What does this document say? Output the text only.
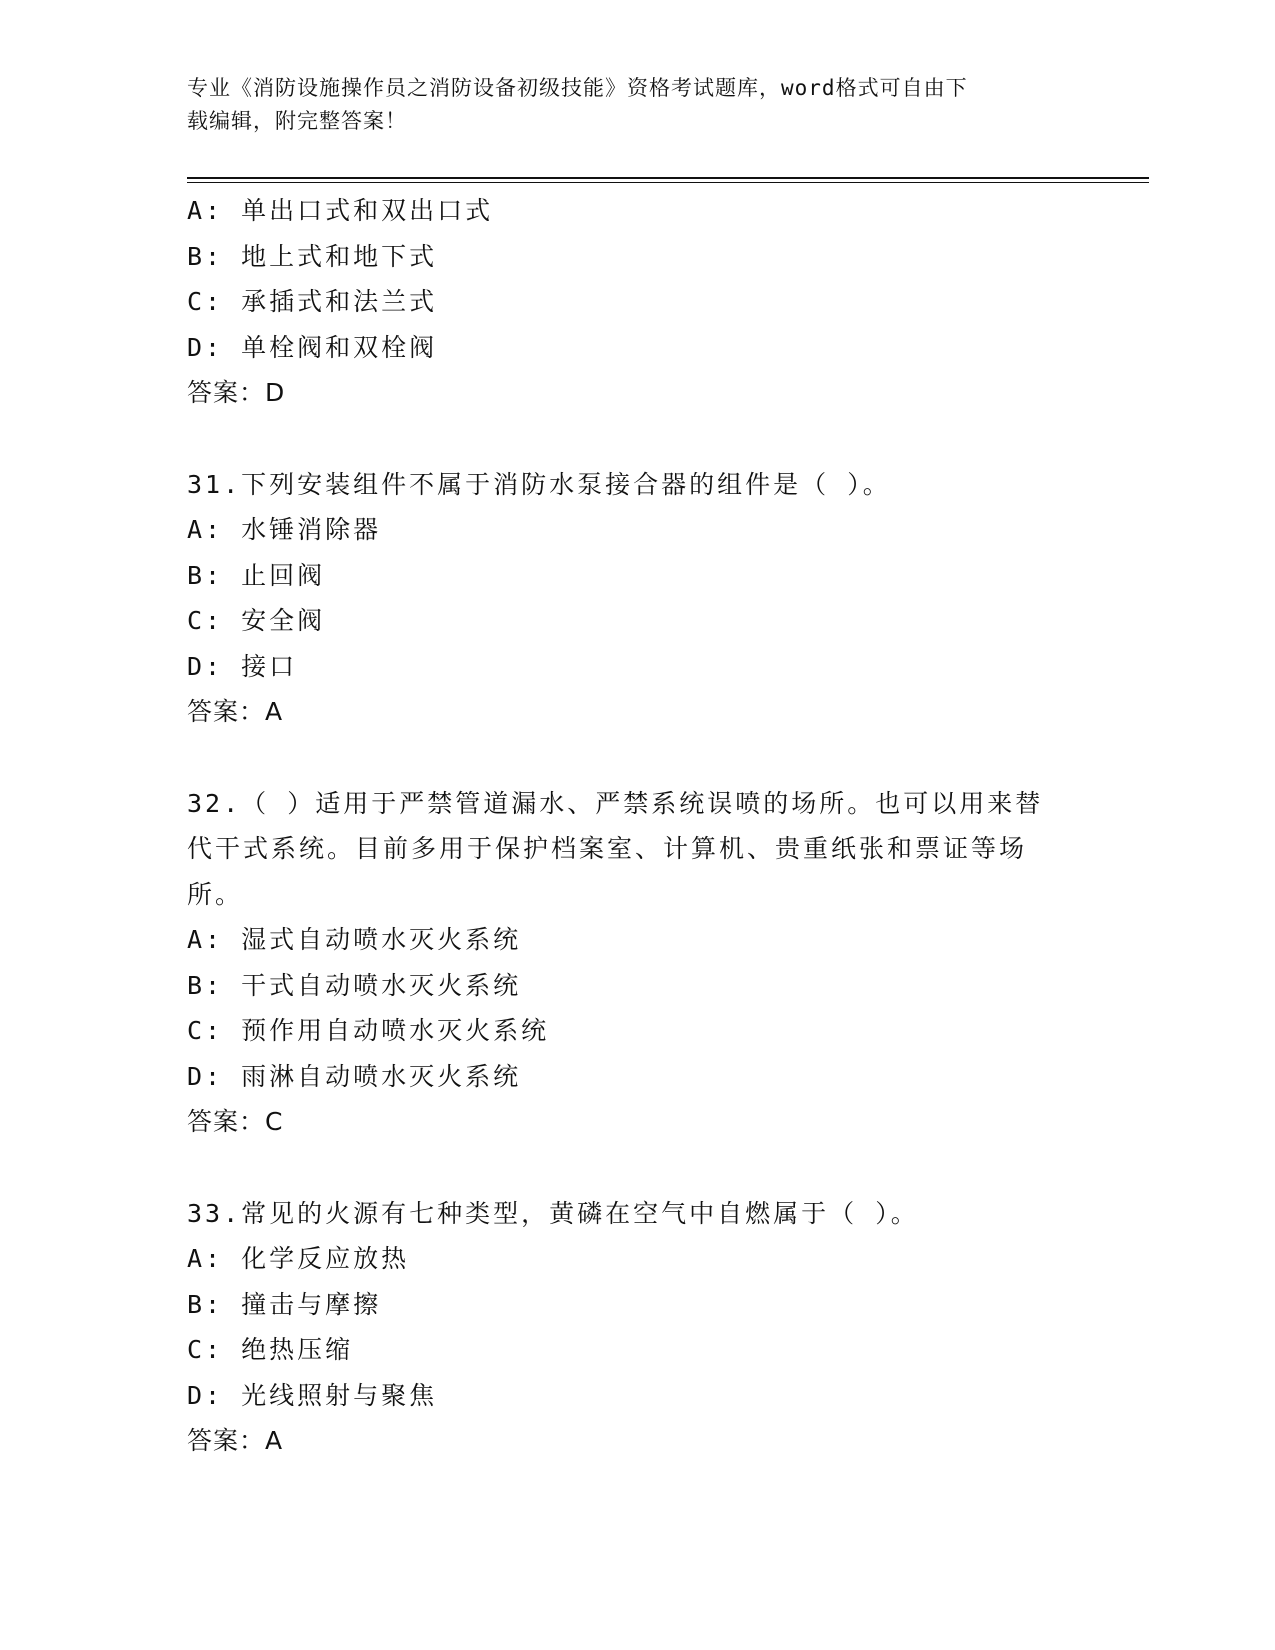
专业《消防设施操作员之消防设备初级技能》资格考试题库，word格式可自由下
载编辑，附完整答案！
A: 单出口式和双出口式
B: 地上式和地下式
C: 承插式和法兰式
D: 单栓阀和双栓阀
答案：D
31.下列安装组件不属于消防水泵接合器的组件是（ ）。
A: 水锤消除器
B: 止回阀
C: 安全阀
D: 接口
答案：A
32.（ ）适用于严禁管道漏水、严禁系统误喷的场所。也可以用来替
代干式系统。目前多用于保护档案室、计算机、贵重纸张和票证等场
所。
A: 湿式自动喷水灭火系统
B: 干式自动喷水灭火系统
C: 预作用自动喷水灭火系统
D: 雨淋自动喷水灭火系统
答案：C
33.常见的火源有七种类型，黄磷在空气中自燃属于（ ）。
A: 化学反应放热
B: 撞击与摩擦
C: 绝热压缩
D: 光线照射与聚焦
答案：A
